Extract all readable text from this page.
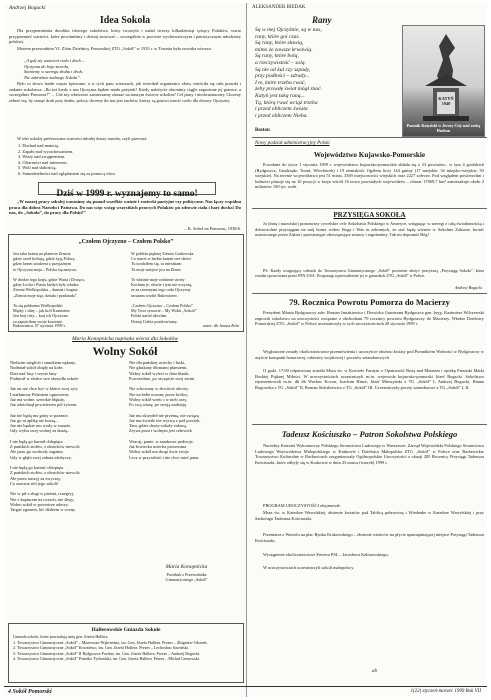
Andrzej Bogucki
Idea Sokoła
Dla przypomnienia dorobku idowego sokolstwa, który tworzyło i nadal tworzy kilkadziesiąt tysięcy Polaków, warto przypomnieć wartości, które powinniśmy i dzisiaj stosować – szczególnie w procesie wychowawczym i patriotycznym młodzieży polskiej.
Mottem przewodnim VI. Zlotu Dzielnicy Pomorskiej ZTG „Sokół” w 1933 r. w Toruniu była zwrotka wiersza:
„A gdy się wzmocni ciało i duch –
Ojczyzna do boju zawoła,
Staniemy w szeregu druhu i druh,
Nie zabraknie żadnego Sokoła”.
Było to słowo harde często śpiewane, a w tych paru wierszach, jak twierdził organizator złotu, mieściła się cała prawda i zadanie sokolstwa. „Bo też kiedy z nas Ojczyzna będzie miała pożytek? Kiedy należycie obronimy ciągle zagrożone jej granice, a szczególnie Pomorza?” ... Cóż my właściwie zamierzamy okazać na naszym świecie sokolim? Cel jasny i niedwuznaczny. Chcemy zebrać się, by stanąć druh przy druhu, polscy chcemy ilu nas jest zuchów, którzy są gotowi stawić czoło dla obrony Ojczyzny.
W idei sokolej preferowano wartości młodej duszy narodu, czyli przeważ:
1. Duchad nad materią,
2. Zapału nad wyrachowaniem.
3. Wiary nad zwątpieniem.
4. Ofiarności nad interesem.
5. Woli nad słabością,
6. Samodzielności nad oglądaniem się za pomocą obca.
Dziś w 1999 r. wyznajemy to samo!
„W naszej pracy sokolej wznosimy się ponad wszelkie waśnie i rozterki partyjne czy polityczne. Nas łączy wspólna praca dla dobra Narodu i Państwa. Do nas więc wstęp wszystkich prawych Polaków po zdrowie ciała i hart ducha! Do nas, do „Sokoła”, do pracy dla Polski!”
– K. Sobol na Pomorzu, 1938/6.
„Czołem Ojczyzno – Czołem Polsko”
Jest taka kraina na planecie Ziemia
gdzie orzeł królują, gdzie żyją Polacy,
gdzie lasem urodzeni o przyjaźnym
to Ojczyzna moja – Polska się nazywa.

W drodze tego kraju, gdzie Warta i Drwęca,
gdzie Lecha i Piasta kiedyś były władza
Ziemia Wielkopolska – dumna i bogata
„Ziemia moje sięa, dziada i pradziada”.

Tu się pokłonim Wielkopolski
Mądry i silny – jak król Kazimierz
Jest kiej róży – kraj ich Ojczyzna
za zapuścilem swoje korzenie.
W pobliżu pięknej Ziemia Grabowska
Co nawet w herbie kamni swe dzieci
Tu urodziłem się, tu mieszkam
Tu moje miejsce jest na Ziemi.

To właśnie moje rodzinne strony
Kocham je, słowie i tym nie oczyszę,
że za rzezanymi tego rodu Ojczyzny
uważam wiośle Bukowiniec.

„Czołem Ojczyzno – Czołem Polsko”
My Twoi synowie – My Wolni „Sokoli”
Polski naród ukochan
Dziaaj Ciebie pozdrowiamy.
Bukowinica, 07 stycznia 1999 r.	autor: dh Janusz Rola
Maria Konopnicka napisała wiersz dla Sokołów
Wolny Sokół
Nieboim nieglich i smutkiem nękany,
Nodmiał sokół obięły na kołe;
Dziś nad lasy i czyste lany
Podnosił w słońce swe skrzydła sokole

Już on nie chce być w klatce swej syty
I stathmony Pelantem ognowiem;
Już ma wolne, szerokie błękity,
Już odetchnął powietrzem pól żywem.

Już nie będą mu graty w pozanie,
Już go ni aplikę nie kuszą...
Już nie będzie mu wody w zarazie,
Gdy wylsa swej wolnej za duszę...

I nie będą go karmił chłopięta
Z pańskich stołów, z okruchów niewoli;
Ale pszu go swobody zaganta,
Gdy w głębi swej zabaia zdobyczy.

I nie będą go karmić chłopięta
Z pańskich stołów, z okruchów niewoli;
Ale przez naszyj za zwyczaj,
Co uzacnia ród jego sokoli!

Nie w pił z sługi w pieśmi, rzuzgryj,
Nie z kapturem na oczach, nie śleęy,
Wolno sokół w powietrze uderzy,
Targać zgonem, bić dźdżem w oceny.
Nie dla pańskiej uciechy i łaski,
Nie głaskany dłoniami płamiemi,
Wolny sokół wyleci w dnia blaski,
Powszednio, po szczęście swej ziemi

Nie schowany w złociście obroży,
Nie na bełie nozony przez króloy,
Wolny sokół wieśc i w nieb orzy,
Po swą wiarę, po swoją nadzieję

Już mu skrzydeł nie przetną, nie związą
Już mu świetle nie wyrwą z pod powiek:
Tam, gdzie druży-sokoły zakazą,
Zrywa poza i wolnym jest człowiek

Wracaj, panie, w zamkowe podwoje,
Już łowiecka uciecha przezwana
Wolny sokół ma drogi dwie swoje
Lecz w przyszłość i nie chce mieć pana.
Maria Konopnicka
Przedruk z Przewodnika
Gimnastycznego „Sokół”
Hallerowskie Gniazda Sokołe
Gniazda sokole, które powiadają imię gen. Józefa Hallera
1. Towarzystwo Gimnastyczne „Sokół” – Mazowsze-Wąbrzeźno, im. Gen. Józefa Hallera. Prezes – Zbigniew Okonek.
2. Towarzystwo Gimnastyczne „Sokół” Kowalewo, im. Gen. Józefa Hallera. Prezes – Lechosław Sawiński.
3. Towarzystwo Gimnastyczne „Sokół” II Bydgoszcz-Fordon, im. Gen. Józefa Hallera. Prezes – Andrzej Bogucki.
4. Towarzystwo Gimnastyczne „Sokół” Pomóko Tyrhaniski, im. Gen. Józefa Hallera. Prezes – Michał Grenowski.
ALEKSANDER BIEDAK
Rany
Są w mej Ojczyźnie, są w nas,
rany, które goi czas.
Są rany, które sławią,
mimo że zawsze krwawią.
Są rany, które bolą,
a rzeczywistość – solą.
Są nie od kul czy szpady,
przy podłości – zdrady...
I te, które trzeba rwać,
żeby prawdę świat mógł znać.
Katyń jest taką raną...
Tą, którą rwać wciąż trzeba
i przed obliczem świata
i przed obliczem Nieba.
Boston
KATYŃ
1940
Pomnik Katyński w Jersey City nad rzeką Hudson
Nowy podział administracyjny Polski
Województwo Kujawsko-Pomorskie
Powołane do życia 1 stycznia 1999 r. województwo kujawsko-pomorskie składa się z 23 powiatów– w tym 4 grodzkich (Bydgoszcz, Grudziądz, Toruń, Włocławek) i 19 ziemskich. Ogółem liczy 144 gminy (17 miejskie, 34 miejsko-wiejskie, 93 wiejskie). Na terenie województwa jest 51 miast, 3569 miejscowości wiejskich oraz 2227 sołectw. Pod względem powierzchni i ludności plasuje się na 10 pozycji w kraju wśród 16 nowo powstałych województw – obszar 17969,7 km² zamieszkuje około 2 milionów 100 tys. osób.
PRZYSIĘGA SOKOŁA
Ja (imię i nazwisko) poznawszy cywelskie cele Sokolstwa Polskiego w Ameryce, wstępując w szeregi z całą świadomością i dobrowolnie przysięgam na mój honor wobec Boga i Was tu zebranych, że stać będę wiernie w Sokolnie Zakonie, bronić ustawionego przez Zakon i przestrzegać obowiązujące ustawy i regulaminy. Tak mi dopomóż Bóg!
PS. Każdy wstępujący członek do Towarzystwa Gimnastycznego „Sokół” powinien złożyć powyższą „Przysięgę Sokoła”, która została opracowana przez PFA-USA. Proponuję wprowadzenie jej w gniazdach ZTG „Sokół” w Polsce.
Andrzej Bogucki
79. Rocznica Powrotu Pomorza do Macierzy
Prezydent Miasta Bydgoszczy adw. Roman Jasiakiewicz i Dowódca Garnizonu Bydgoszcz gen. bryg. Kazimierz Wilczewski zaprosili sokolstwo na uroczystości związane z obchodami 79 rocznicy powrotu Bydgoszczy do Macierzy. Władze Dzielnicy Pomorskiej ZTG „Sokół” w Polsce uczestniczyły w tych uroczystościach 20 stycznia 1999 r.
Wygłoszone zostały okolicznościowe przemówienia i uroczyście złożono kwiaty pod Pomnikiem Wolności w Bydgoszczy w asyście kompanii honorowej, orkiestry wojskowej i pocztów sztandarowych.
O godz. 17:00 odprawiona została Msza św. w Kościele Farnym o Opatrzność Bożą nad Miastem i opiekę Patronki Matki Boskiej Pięknej Miłości. W uroczystościach uczestniczyli m.in. wojewoda kujawsko-pomorski Józef Rogacki. Sokolstwo reprezentowali m.in. dh dh Wacław Kocon, Joachim Hinze, Józef Mieszyński z TG „Sokół” I, Andrzej Bogucki, Hanna Rogowska z TG „Sokół” II, Roman Sidorkiewicz z TG „Sokół” III. Uczestniczyły poczty sztandarowe z TG „Sokół” I, II.
Tadeusz Kościuszko – Patron Sokolstwa Polskiego
Naczelny Komitet Wykonawczy Polskiego Stronnictwa Ludowego w Warszawie, Zarząd Wojewódzki Polskiego Stronnictwa Ludowego Województwa Małopolskiego w Krakowie i Dzielnica Małopolska ZTG „Sokół” w Polsce oraz Racławickie Towarzystwo Kulturalne w Racławicach zorganizowały Ogólnopolskie Uroczystości z okazji 205 Rocznicy Przysięgi Tadeusza Kościuszki, które odbyły się w Krakowie w dniu 23 marca (wtorek) 1999 r.
PROGRAM UROCZYSTOŚCI obejmował:
Msza św. w Katedrze Wawelskiej, złożenie kwiatów pod Tablicą pobrowiną i Wiedenke w Katedrze Wawelskiej i przy Sarkofagu Tadeusza Kościuszki,
Przemarsz z Wawelu na plac Rynku Krakowskiego – złożenie wieńców na płycie upamiętniającej miejsce Przysięgi Tadeusza Kościuszki,
Wystąpienie okolicznościowe Prezesa PSL – Jarosława Kalinowskiego,
W uroczystościach uczestniczyli sokoli małopolscy.
ab
4 Sokół Pomorski	1(22) styczeń-marzec 1999 Rok VII
